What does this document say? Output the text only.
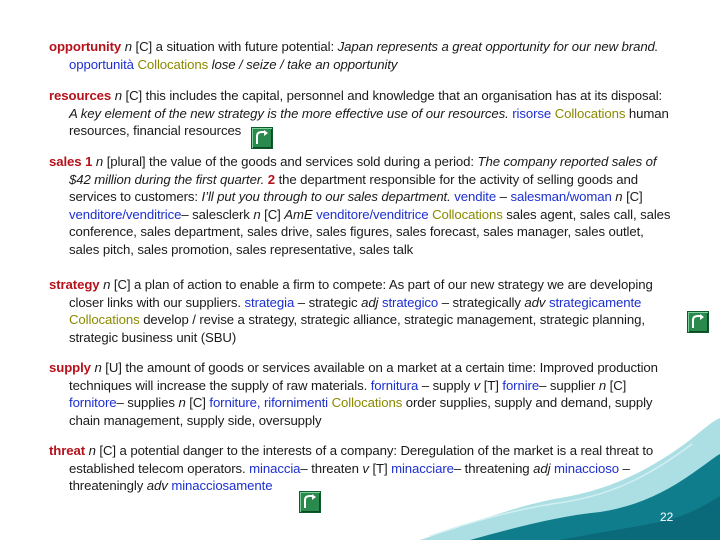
opportunity n [C] a situation with future potential: Japan represents a great opportunity for our new brand.
opportunità Collocations lose / seize / take an opportunity
resources n [C] this includes the capital, personnel and knowledge that an organisation has at its disposal:
A key element of the new strategy is the more effective use of our resources. risorse Collocations human
resources, financial resources
sales 1 n [plural] the value of the goods and services sold during a period: The company reported sales of
$42 million during the first quarter. 2 the department responsible for the activity of selling goods and
services to customers: I’ll put you through to our sales department. vendite – salesman/woman n [C]
venditore/venditrice– salesclerk n [C] AmE venditore/venditrice Collocations sales agent, sales call, sales
conference, sales department, sales drive, sales figures, sales forecast, sales manager, sales outlet,
sales pitch, sales promotion, sales representative, sales talk
strategy n [C] a plan of action to enable a firm to compete: As part of our new strategy we are developing
closer links with our suppliers. strategia – strategic adj strategico – strategically adv strategicamente
Collocations develop / revise a strategy, strategic alliance, strategic management, strategic planning,
strategic business unit (SBU)
supply n [U] the amount of goods or services available on a market at a certain time: Improved production
techniques will increase the supply of raw materials. fornitura – supply v [T] fornire– supplier n [C]
fornitore– supplies n [C] forniture, rifornimenti Collocations order supplies, supply and demand, supply
chain management, supply side, oversupply
threat n [C] a potential danger to the interests of a company: Deregulation of the market is a real threat to
established telecom operators. minaccia– threaten v [T] minacciare– threatening adj minaccioso –
threateningly adv minacciosamente
22
